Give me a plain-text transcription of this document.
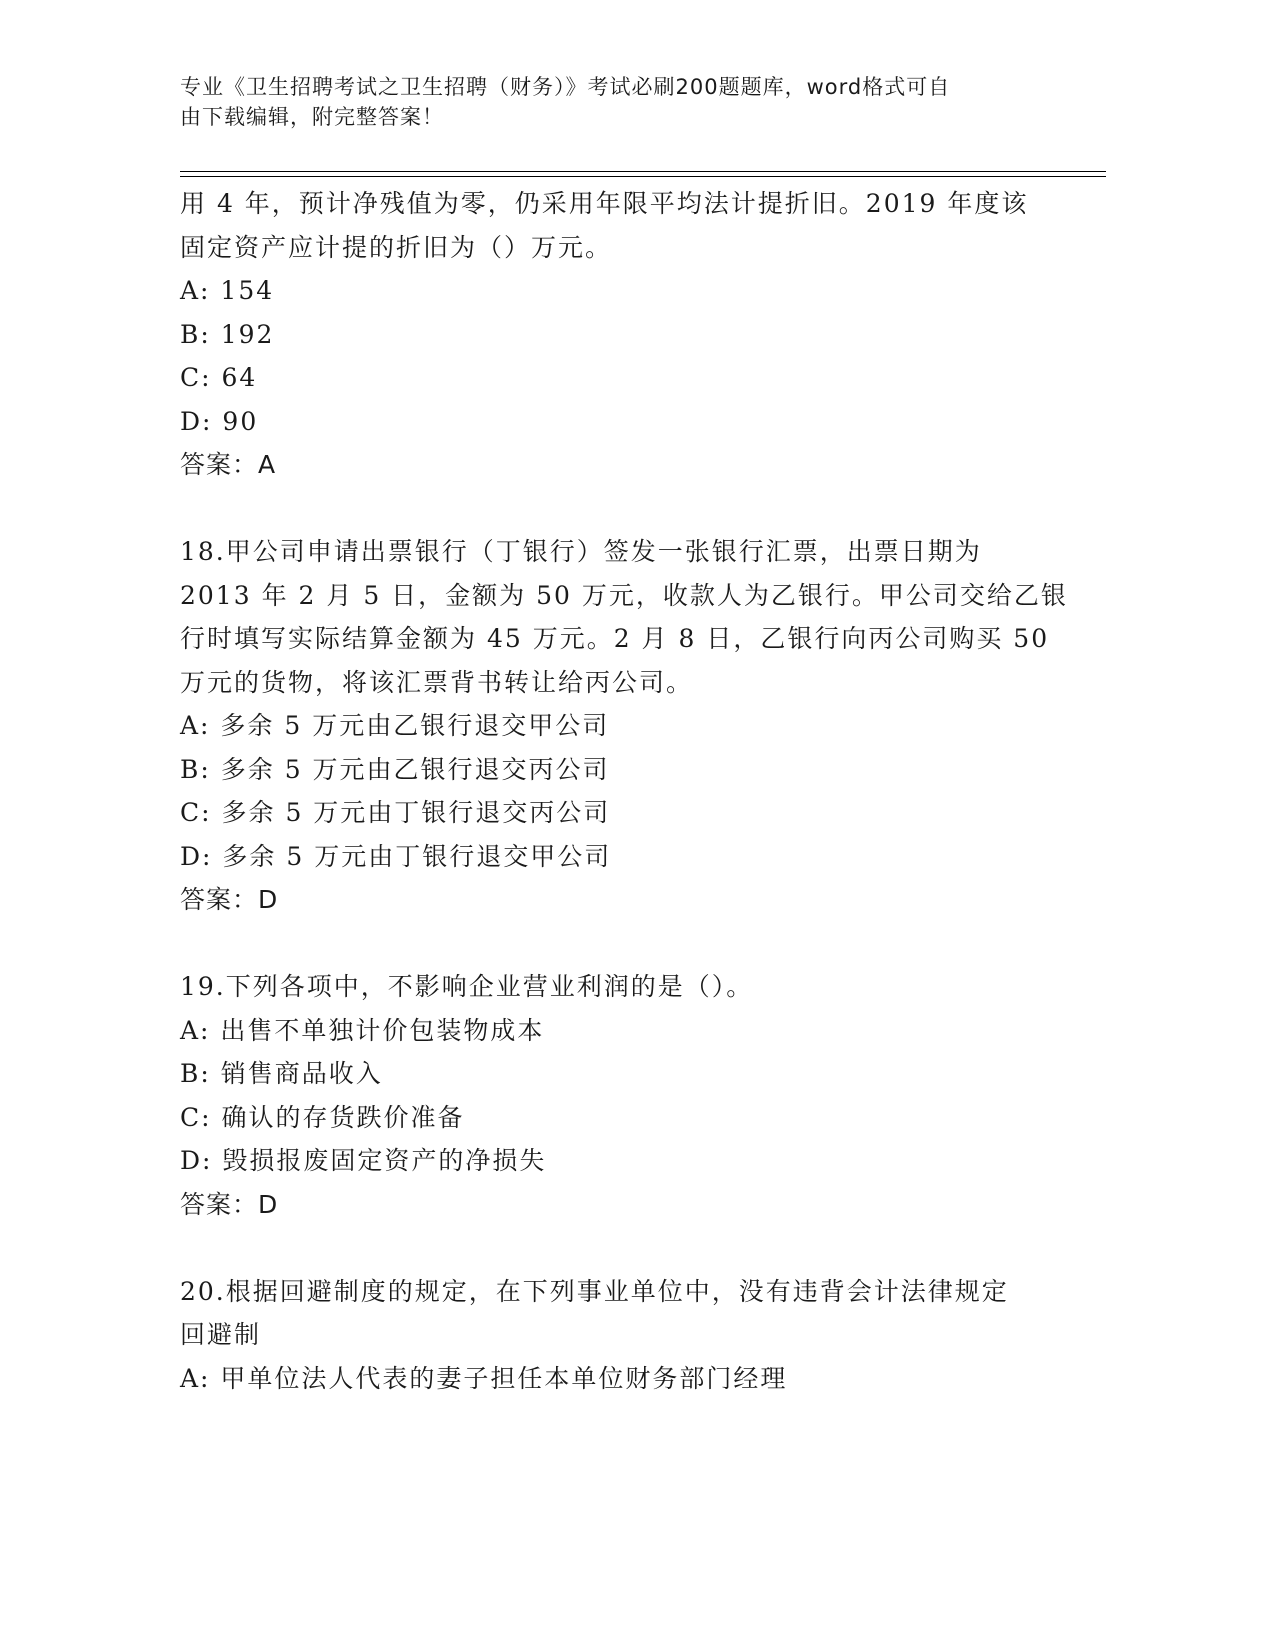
专业《卫生招聘考试之卫生招聘（财务）》考试必刷200题题库，word格式可自
由下载编辑，附完整答案！
用 4 年，预计净残值为零，仍采用年限平均法计提折旧。2019 年度该
固定资产应计提的折旧为（）万元。
A: 154
B: 192
C: 64
D: 90
答案：A
18.甲公司申请出票银行（丁银行）签发一张银行汇票，出票日期为
2013 年 2 月 5 日，金额为 50 万元，收款人为乙银行。甲公司交给乙银
行时填写实际结算金额为 45 万元。2 月 8 日，乙银行向丙公司购买 50
万元的货物，将该汇票背书转让给丙公司。
A: 多余 5 万元由乙银行退交甲公司
B: 多余 5 万元由乙银行退交丙公司
C: 多余 5 万元由丁银行退交丙公司
D: 多余 5 万元由丁银行退交甲公司
答案：D
19.下列各项中，不影响企业营业利润的是（）。
A: 出售不单独计价包装物成本
B: 销售商品收入
C: 确认的存货跌价准备
D: 毁损报废固定资产的净损失
答案：D
20.根据回避制度的规定，在下列事业单位中，没有违背会计法律规定
回避制
A: 甲单位法人代表的妻子担任本单位财务部门经理
